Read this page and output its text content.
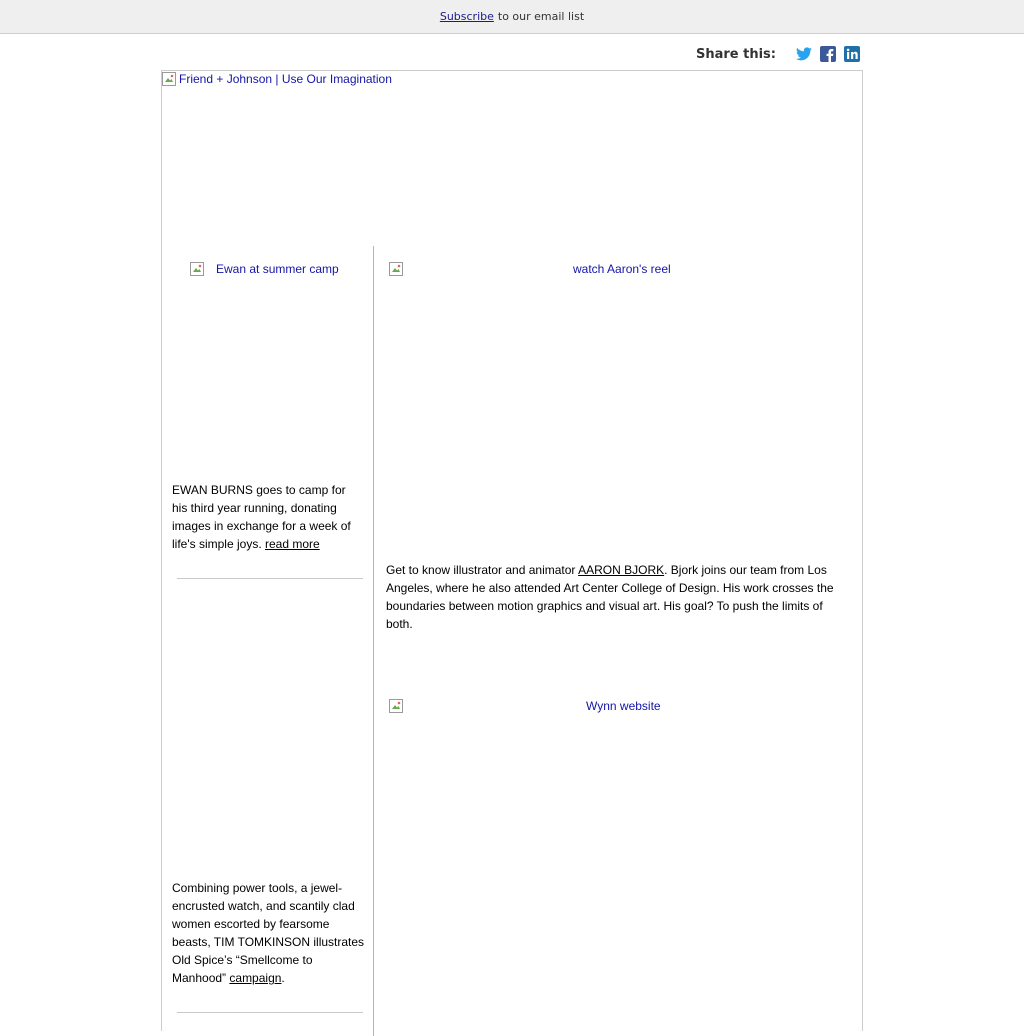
Subscribe to our email list
Share this:
Friend + Johnson | Use Our Imagination
Ewan at summer camp
EWAN BURNS goes to camp for his third year running, donating images in exchange for a week of life's simple joys. read more
Combining power tools, a jewel-encrusted watch, and scantily clad women escorted by fearsome beasts, TIM TOMKINSON illustrates Old Spice’s “Smellcome to Manhood” campaign.
watch Aaron's reel
Get to know illustrator and animator AARON BJORK. Bjork joins our team from Los Angeles, where he also attended Art Center College of Design. His work crosses the boundaries between motion graphics and visual art. His goal? To push the limits of both.
Wynn website
